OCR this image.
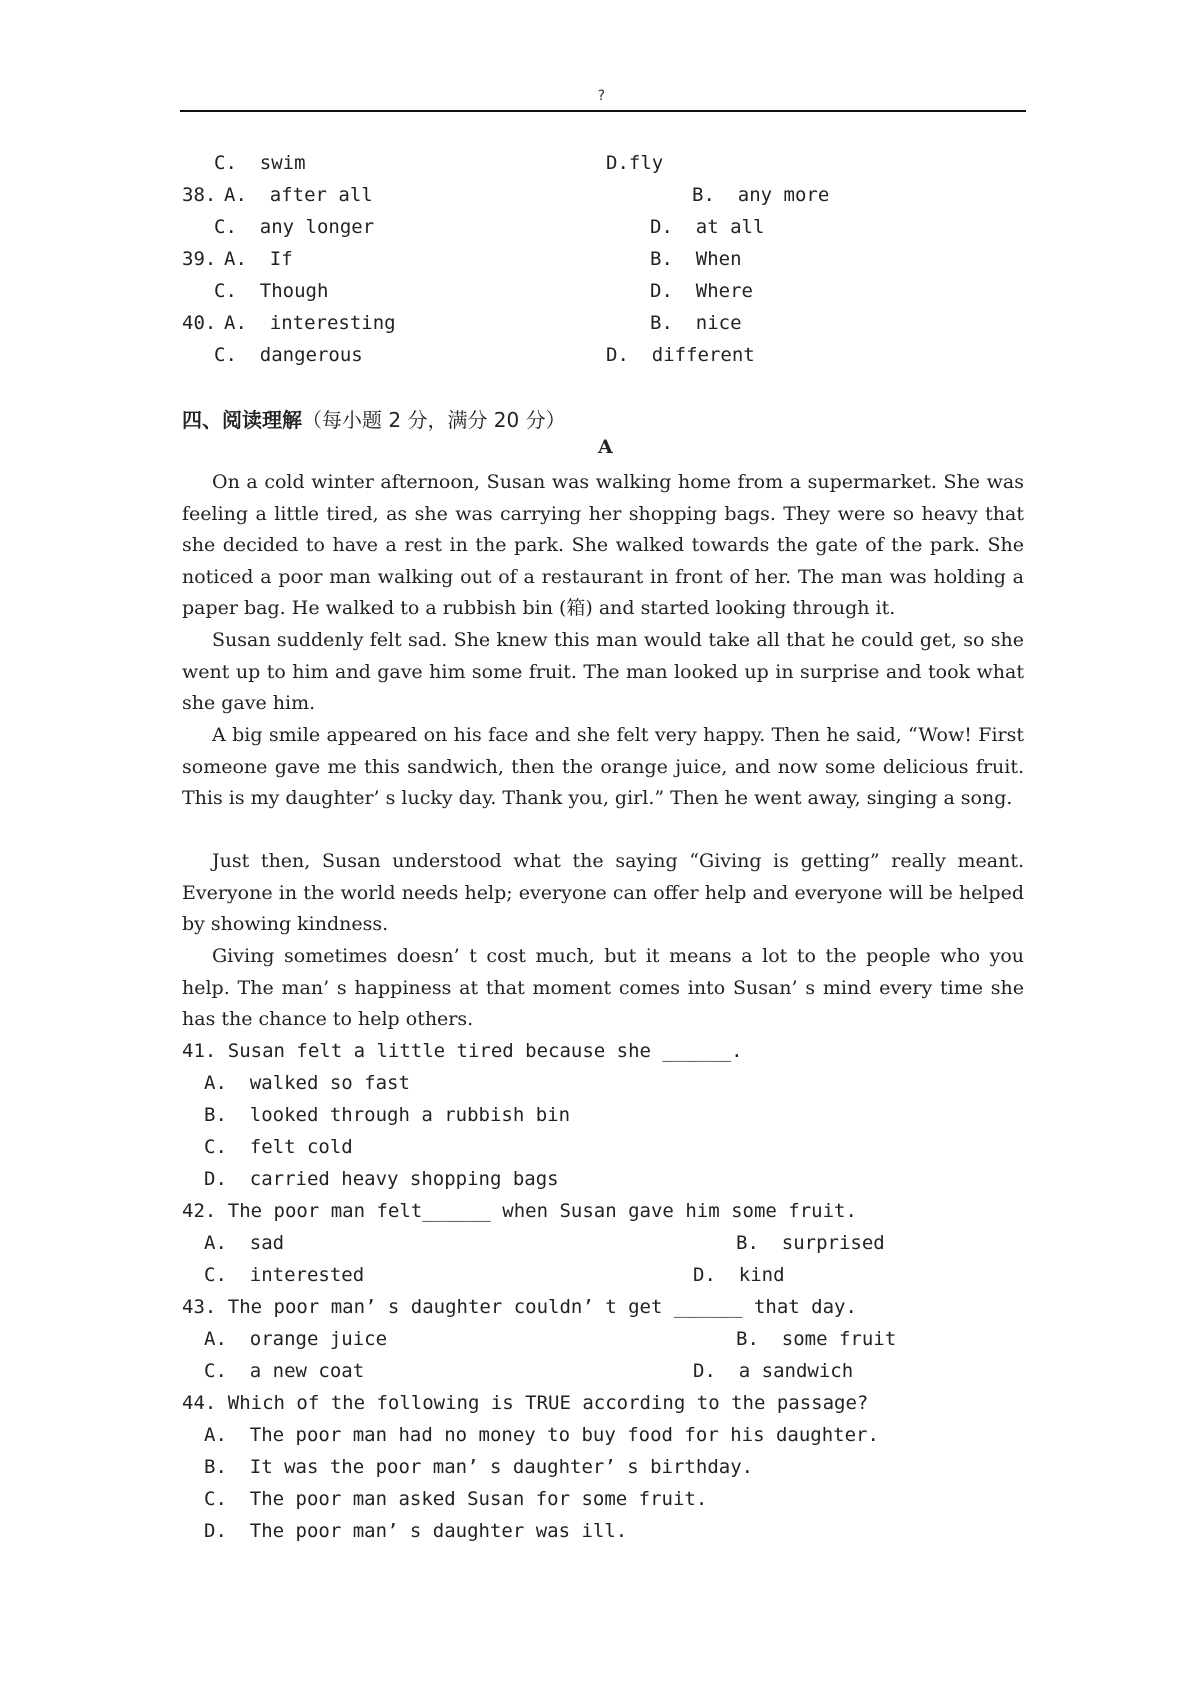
?
C.  swim	D.fly
38. A.  after all	B.  any more
C.  any longer	D.  at all
39. A.  If	B.  When
C.  Though	D.  Where
40. A.  interesting	B.  nice
C.  dangerous	D.  different
四、阅读理解（每小题 2 分，满分 20 分）
A
On a cold winter afternoon, Susan was walking home from a supermarket. She was feeling a little tired, as she was carrying her shopping bags. They were so heavy that she decided to have a rest in the park. She walked towards the gate of the park. She noticed a poor man walking out of a restaurant in front of her. The man was holding a paper bag. He walked to a rubbish bin (箱) and started looking through it.
Susan suddenly felt sad. She knew this man would take all that he could get, so she went up to him and gave him some fruit. The man looked up in surprise and took what she gave him.
A big smile appeared on his face and she felt very happy. Then he said, “Wow! First someone gave me this sandwich, then the orange juice, and now some delicious fruit. This is my daughter’ s lucky day. Thank you, girl.” Then he went away, singing a song.
Just then, Susan understood what the saying “Giving is getting” really meant. Everyone in the world needs help; everyone can offer help and everyone will be helped by showing kindness.
Giving sometimes doesn’ t cost much, but it means a lot to the people who you help. The man’ s happiness at that moment comes into Susan’ s mind every time she has the chance to help others.
41. Susan felt a little tired because she ______.
A.  walked so fast
B.  looked through a rubbish bin
C.  felt cold
D.  carried heavy shopping bags
42. The poor man felt______ when Susan gave him some fruit.
A.  sad	B.  surprised
C.  interested	D.  kind
43. The poor man’ s daughter couldn’ t get ______ that day.
A.  orange juice	B.  some fruit
C.  a new coat	D.  a sandwich
44. Which of the following is TRUE according to the passage?
A.  The poor man had no money to buy food for his daughter.
B.  It was the poor man’ s daughter’ s birthday.
C.  The poor man asked Susan for some fruit.
D.  The poor man’ s daughter was ill.
